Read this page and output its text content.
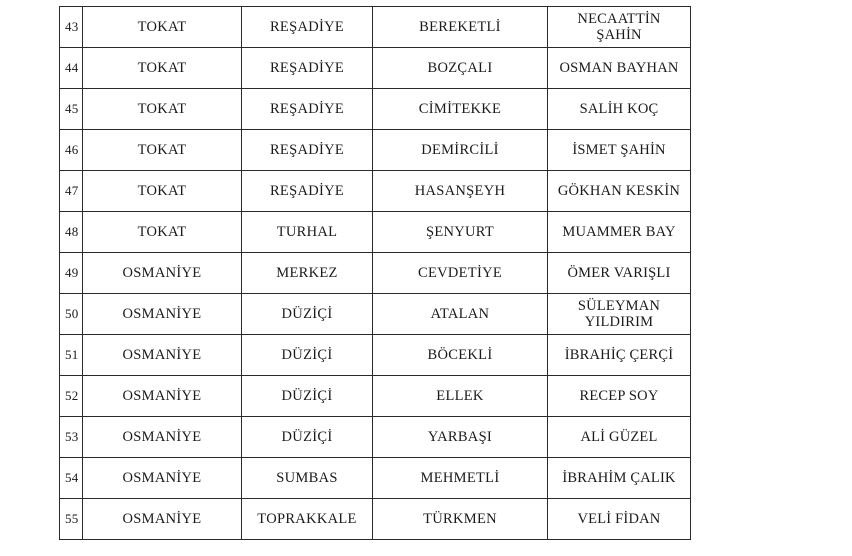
43	TOKAT	REŞADİYE	BEREKETLİ	NECAATTİN
ŞAHİN
44	TOKAT	REŞADİYE	BOZÇALI	OSMAN BAYHAN
45	TOKAT	REŞADİYE	CİMİTEKKE	SALİH KOÇ
46	TOKAT	REŞADİYE	DEMİRCİLİ	İSMET ŞAHİN
47	TOKAT	REŞADİYE	HASANŞEYH	GÖKHAN KESKİN
48	TOKAT	TURHAL	ŞENYURT	MUAMMER BAY
49	OSMANİYE	MERKEZ	CEVDETİYE	ÖMER VARIŞLI
50	OSMANİYE	DÜZİÇİ	ATALAN	SÜLEYMAN
YILDIRIM
51	OSMANİYE	DÜZİÇİ	BÖCEKLİ	İBRAHİÇ ÇERÇİ
52	OSMANİYE	DÜZİÇİ	ELLEK	RECEP SOY
53	OSMANİYE	DÜZİÇİ	YARBAŞI	ALİ GÜZEL
54	OSMANİYE	SUMBAS	MEHMETLİ	İBRAHİM ÇALIK
55	OSMANİYE	TOPRAKKALE	TÜRKMEN	VELİ FİDAN
